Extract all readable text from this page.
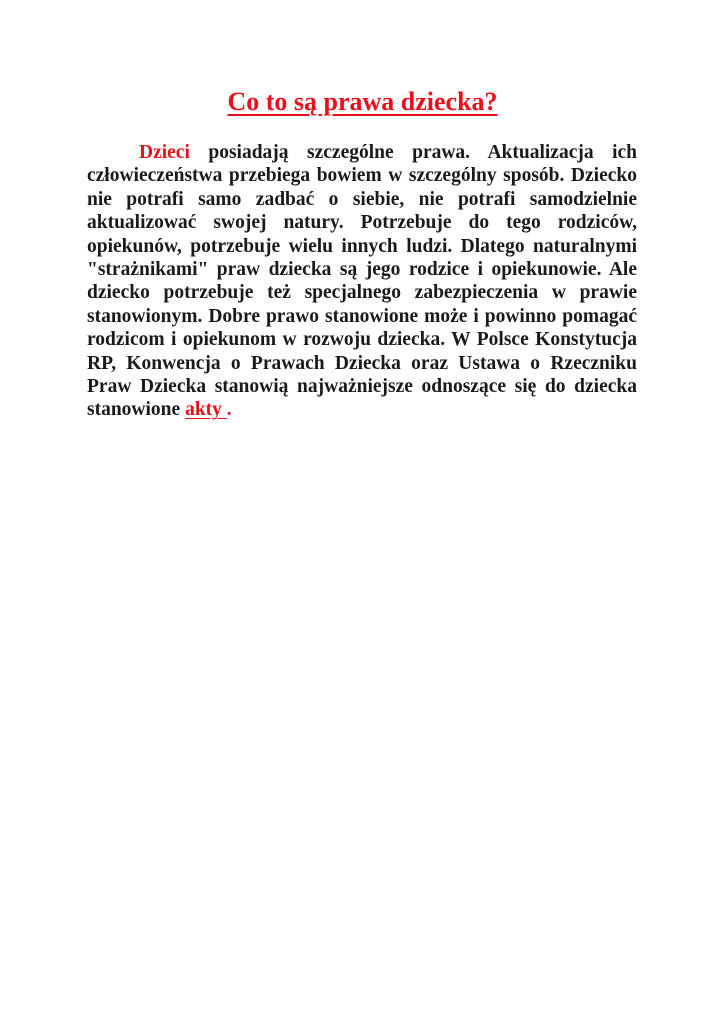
Co to są prawa dziecka?

Dzieci posiadają szczególne prawa. Aktualizacja ich człowieczeństwa przebiega bowiem w szczególny sposób. Dziecko nie potrafi samo zadbać o siebie, nie potrafi samodzielnie aktualizować swojej natury. Potrzebuje do tego rodziców, opiekunów, potrzebuje wielu innych ludzi. Dlatego naturalnymi "strażnikami" praw dziecka są jego rodzice i opiekunowie. Ale dziecko potrzebuje też specjalnego zabezpieczenia w prawie stanowionym. Dobre prawo stanowione może i powinno pomagać rodzicom i opiekunom w rozwoju dziecka. W Polsce Konstytucja RP, Konwencja o Prawach Dziecka oraz Ustawa o Rzeczniku Praw Dziecka stanowią najważniejsze odnoszące się do dziecka stanowione akty .
